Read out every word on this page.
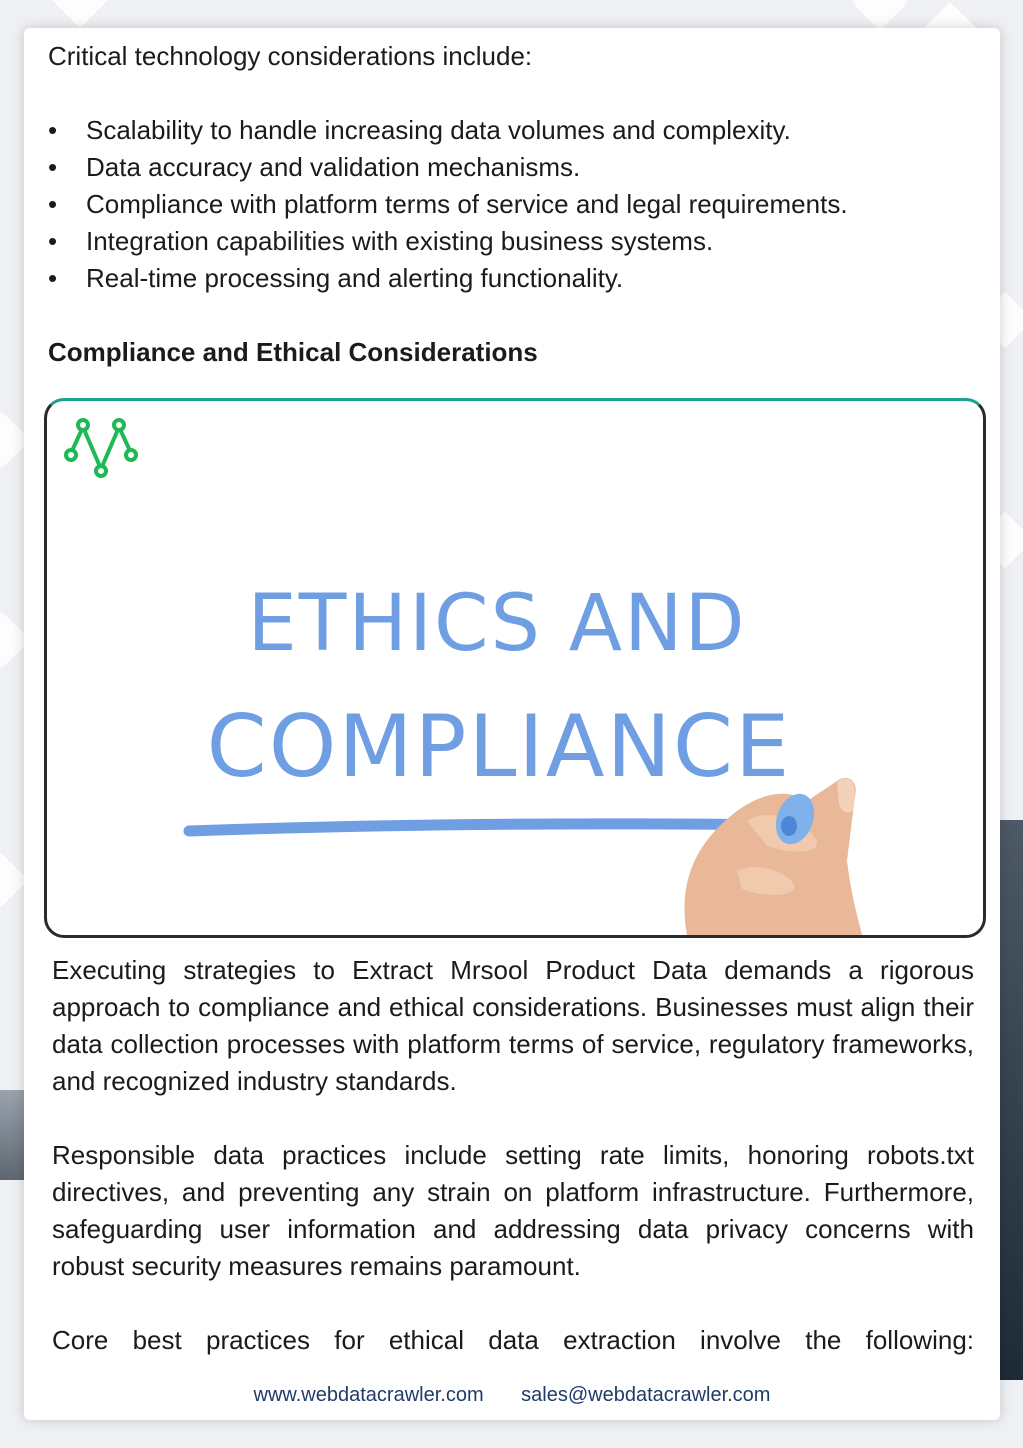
Critical technology considerations include:

• Scalability to handle increasing data volumes and complexity.
• Data accuracy and validation mechanisms.
• Compliance with platform terms of service and legal requirements.
• Integration capabilities with existing business systems.
• Real-time processing and alerting functionality.

Compliance and Ethical Considerations

ETHICS AND
COMPLIANCE

Executing strategies to Extract Mrsool Product Data demands a rigorous approach to compliance and ethical considerations. Businesses must align their data collection processes with platform terms of service, regulatory frameworks, and recognized industry standards.

Responsible data practices include setting rate limits, honoring robots.txt directives, and preventing any strain on platform infrastructure. Furthermore, safeguarding user information and addressing data privacy concerns with robust security measures remains paramount.

Core best practices for ethical data extraction involve the following:

www.webdatacrawler.com sales@webdatacrawler.com
